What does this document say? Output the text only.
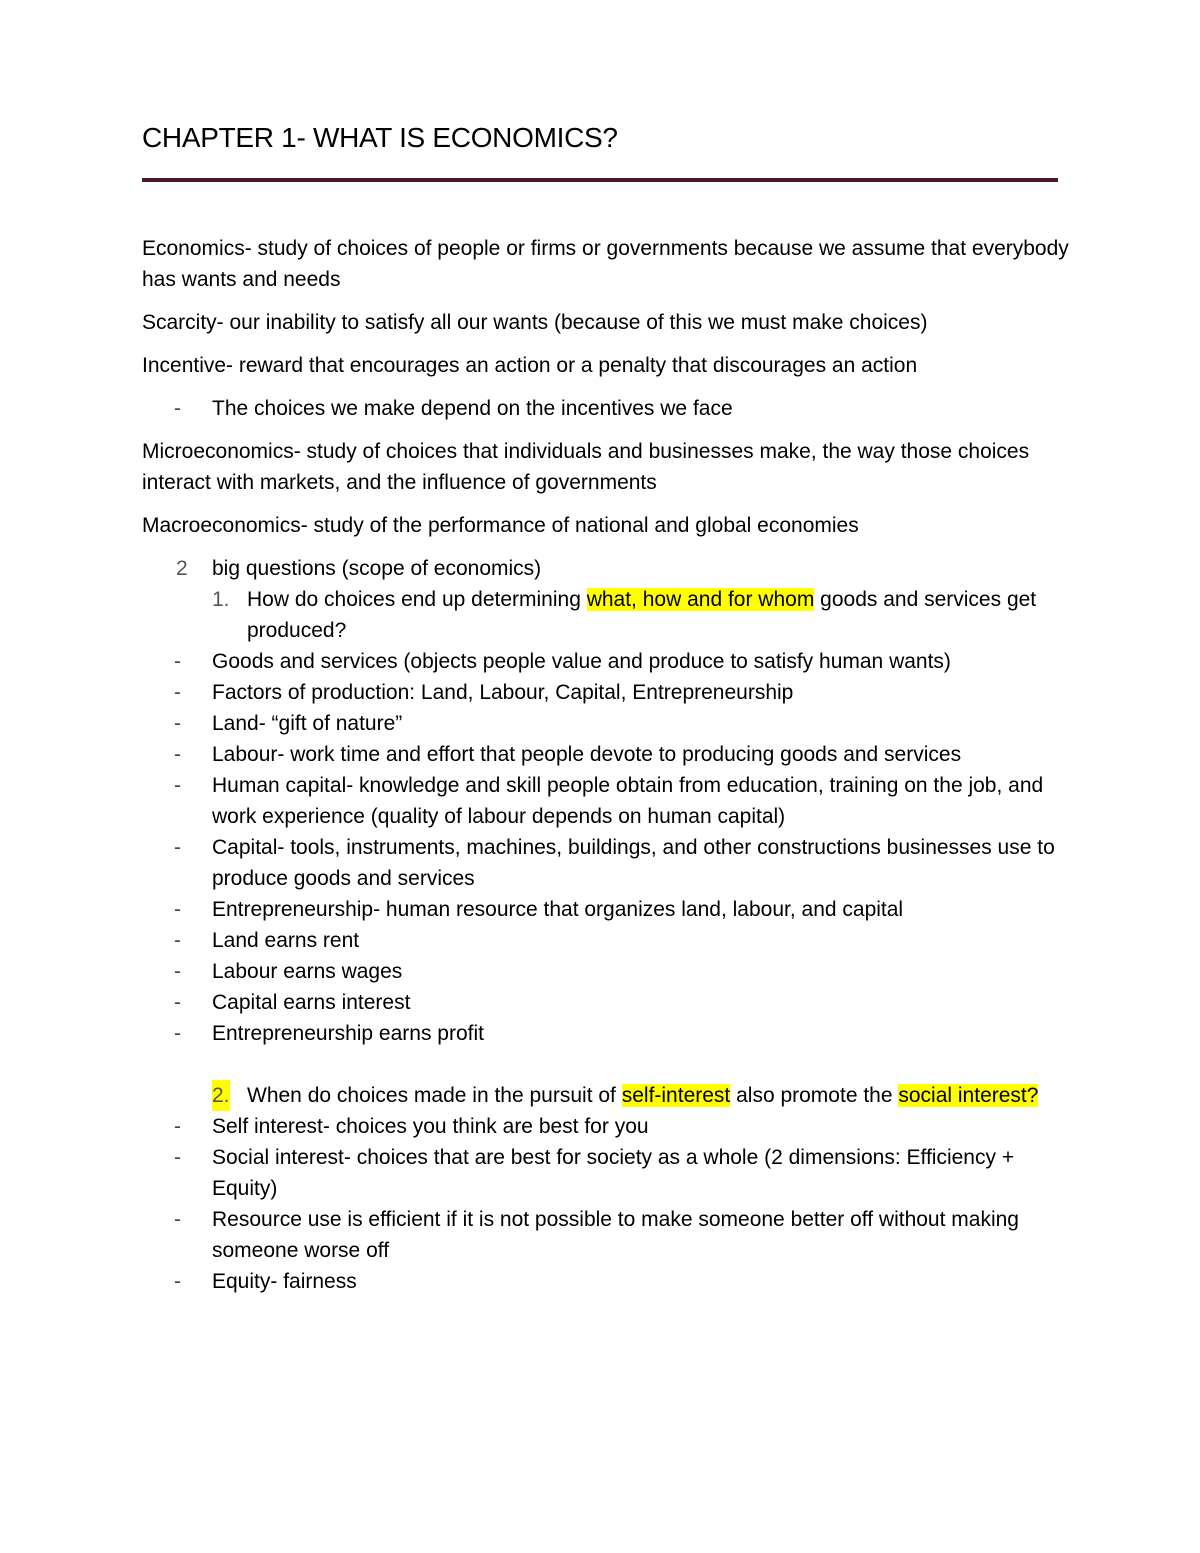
CHAPTER 1- WHAT IS ECONOMICS?

Economics- study of choices of people or firms or governments because we assume that everybody has wants and needs

Scarcity- our inability to satisfy all our wants (because of this we must make choices)

Incentive- reward that encourages an action or a penalty that discourages an action

- The choices we make depend on the incentives we face

Microeconomics- study of choices that individuals and businesses make, the way those choices interact with markets, and the influence of governments

Macroeconomics- study of the performance of national and global economies

2 big questions (scope of economics)
1. How do choices end up determining what, how and for whom goods and services get produced?
- Goods and services (objects people value and produce to satisfy human wants)
- Factors of production: Land, Labour, Capital, Entrepreneurship
- Land- “gift of nature”
- Labour- work time and effort that people devote to producing goods and services
- Human capital- knowledge and skill people obtain from education, training on the job, and work experience (quality of labour depends on human capital)
- Capital- tools, instruments, machines, buildings, and other constructions businesses use to produce goods and services
- Entrepreneurship- human resource that organizes land, labour, and capital
- Land earns rent
- Labour earns wages
- Capital earns interest
- Entrepreneurship earns profit
2. When do choices made in the pursuit of self-interest also promote the social interest?
- Self interest- choices you think are best for you
- Social interest- choices that are best for society as a whole (2 dimensions: Efficiency + Equity)
- Resource use is efficient if it is not possible to make someone better off without making someone worse off
- Equity- fairness
